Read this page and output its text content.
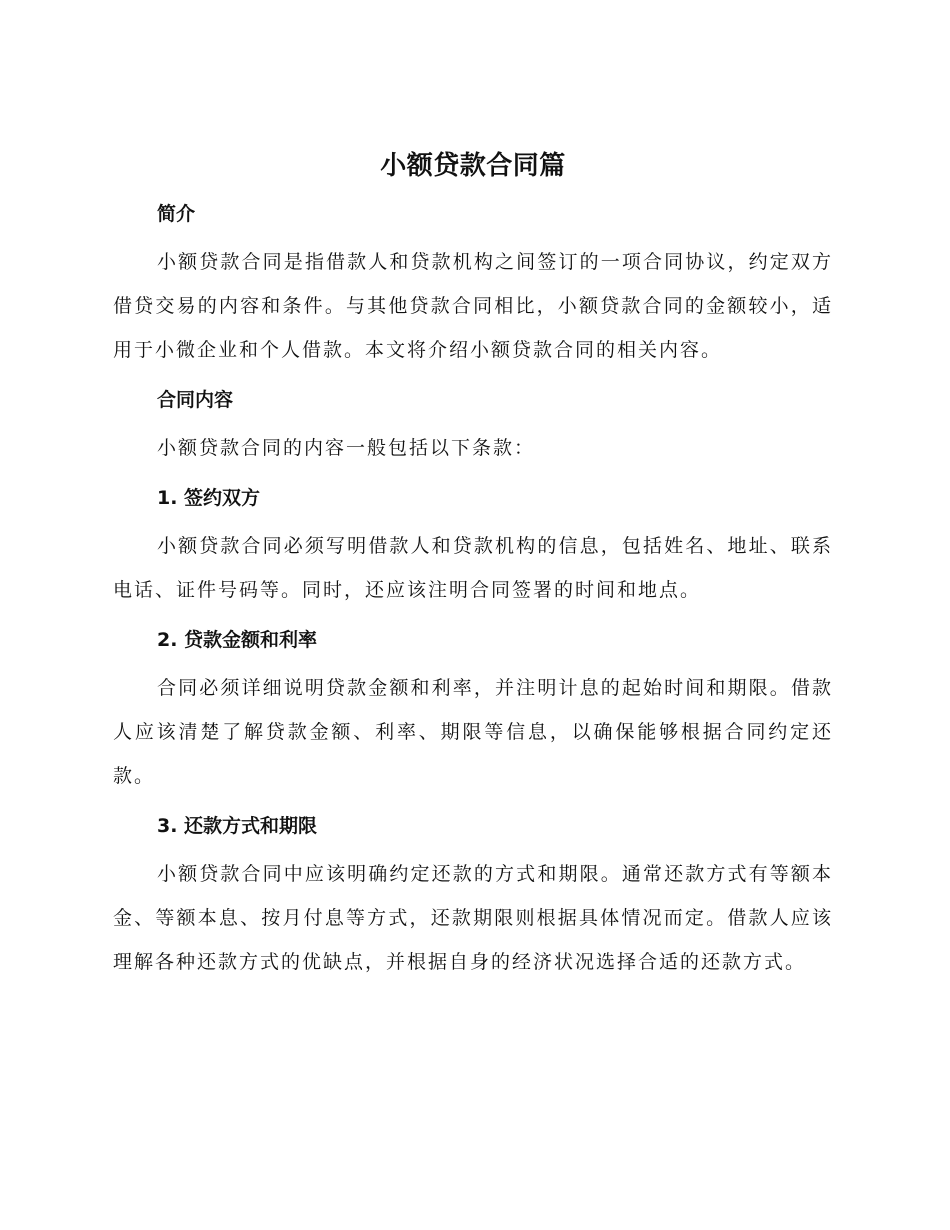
小额贷款合同篇
简介

小额贷款合同是指借款人和贷款机构之间签订的一项合同协议，约定双方借贷交易的内容和条件。与其他贷款合同相比，小额贷款合同的金额较小，适用于小微企业和个人借款。本文将介绍小额贷款合同的相关内容。

合同内容

小额贷款合同的内容一般包括以下条款：

1. 签约双方

小额贷款合同必须写明借款人和贷款机构的信息，包括姓名、地址、联系电话、证件号码等。同时，还应该注明合同签署的时间和地点。

2. 贷款金额和利率

合同必须详细说明贷款金额和利率，并注明计息的起始时间和期限。借款人应该清楚了解贷款金额、利率、期限等信息，以确保能够根据合同约定还款。

3. 还款方式和期限

小额贷款合同中应该明确约定还款的方式和期限。通常还款方式有等额本金、等额本息、按月付息等方式，还款期限则根据具体情况而定。借款人应该理解各种还款方式的优缺点，并根据自身的经济状况选择合适的还款方式。
